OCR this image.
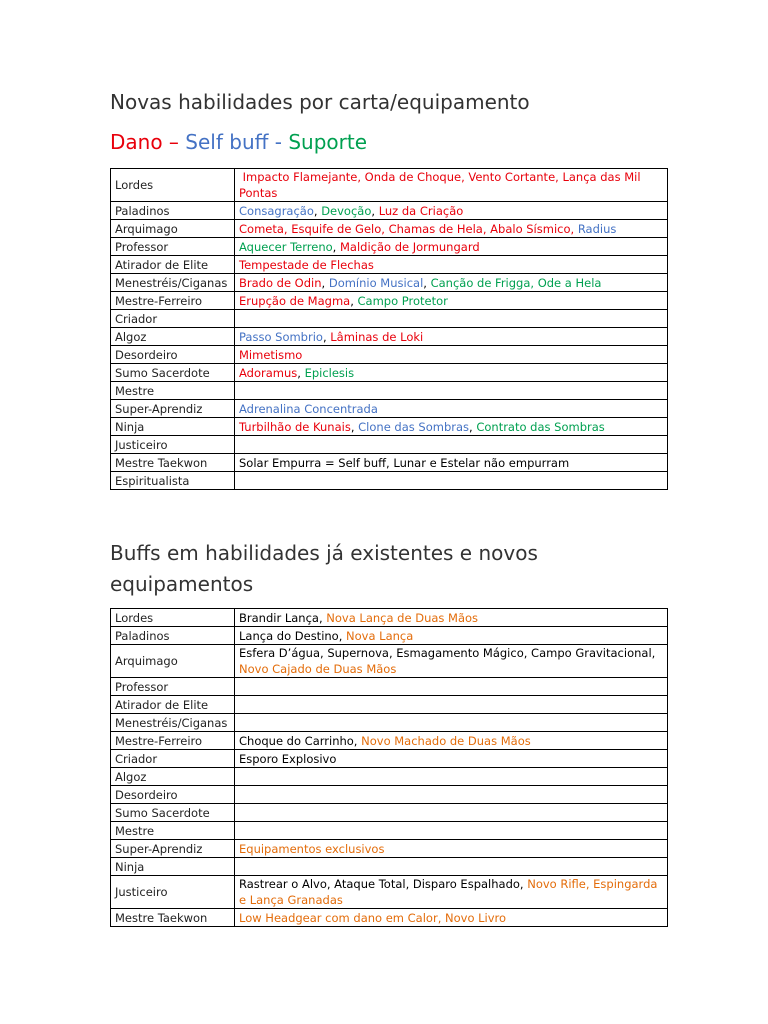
Novas habilidades por carta/equipamento
Dano – Self buff - Suporte
Lordes	Impacto Flamejante, Onda de Choque, Vento Cortante, Lança das Mil Pontas
Paladinos	Consagração, Devoção, Luz da Criação
Arquimago	Cometa, Esquife de Gelo, Chamas de Hela, Abalo Sísmico, Radius
Professor	Aquecer Terreno, Maldição de Jormungard
Atirador de Elite	Tempestade de Flechas
Menestréis/Ciganas	Brado de Odin, Domínio Musical, Canção de Frigga, Ode a Hela
Mestre-Ferreiro	Erupção de Magma, Campo Protetor
Criador	
Algoz	Passo Sombrio, Lâminas de Loki
Desordeiro	Mimetismo
Sumo Sacerdote	Adoramus, Epiclesis
Mestre	
Super-Aprendiz	Adrenalina Concentrada
Ninja	Turbilhão de Kunais, Clone das Sombras, Contrato das Sombras
Justiceiro	
Mestre Taekwon	Solar Empurra = Self buff, Lunar e Estelar não empurram
Espiritualista	
Buffs em habilidades já existentes e novos
equipamentos
Lordes	Brandir Lança, Nova Lança de Duas Mãos
Paladinos	Lança do Destino, Nova Lança
Arquimago	Esfera D’água, Supernova, Esmagamento Mágico, Campo Gravitacional, Novo Cajado de Duas Mãos
Professor	
Atirador de Elite	
Menestréis/Ciganas	
Mestre-Ferreiro	Choque do Carrinho, Novo Machado de Duas Mãos
Criador	Esporo Explosivo
Algoz	
Desordeiro	
Sumo Sacerdote	
Mestre	
Super-Aprendiz	Equipamentos exclusivos
Ninja	
Justiceiro	Rastrear o Alvo, Ataque Total, Disparo Espalhado, Novo Rifle, Espingarda e Lança Granadas
Mestre Taekwon	Low Headgear com dano em Calor, Novo Livro
